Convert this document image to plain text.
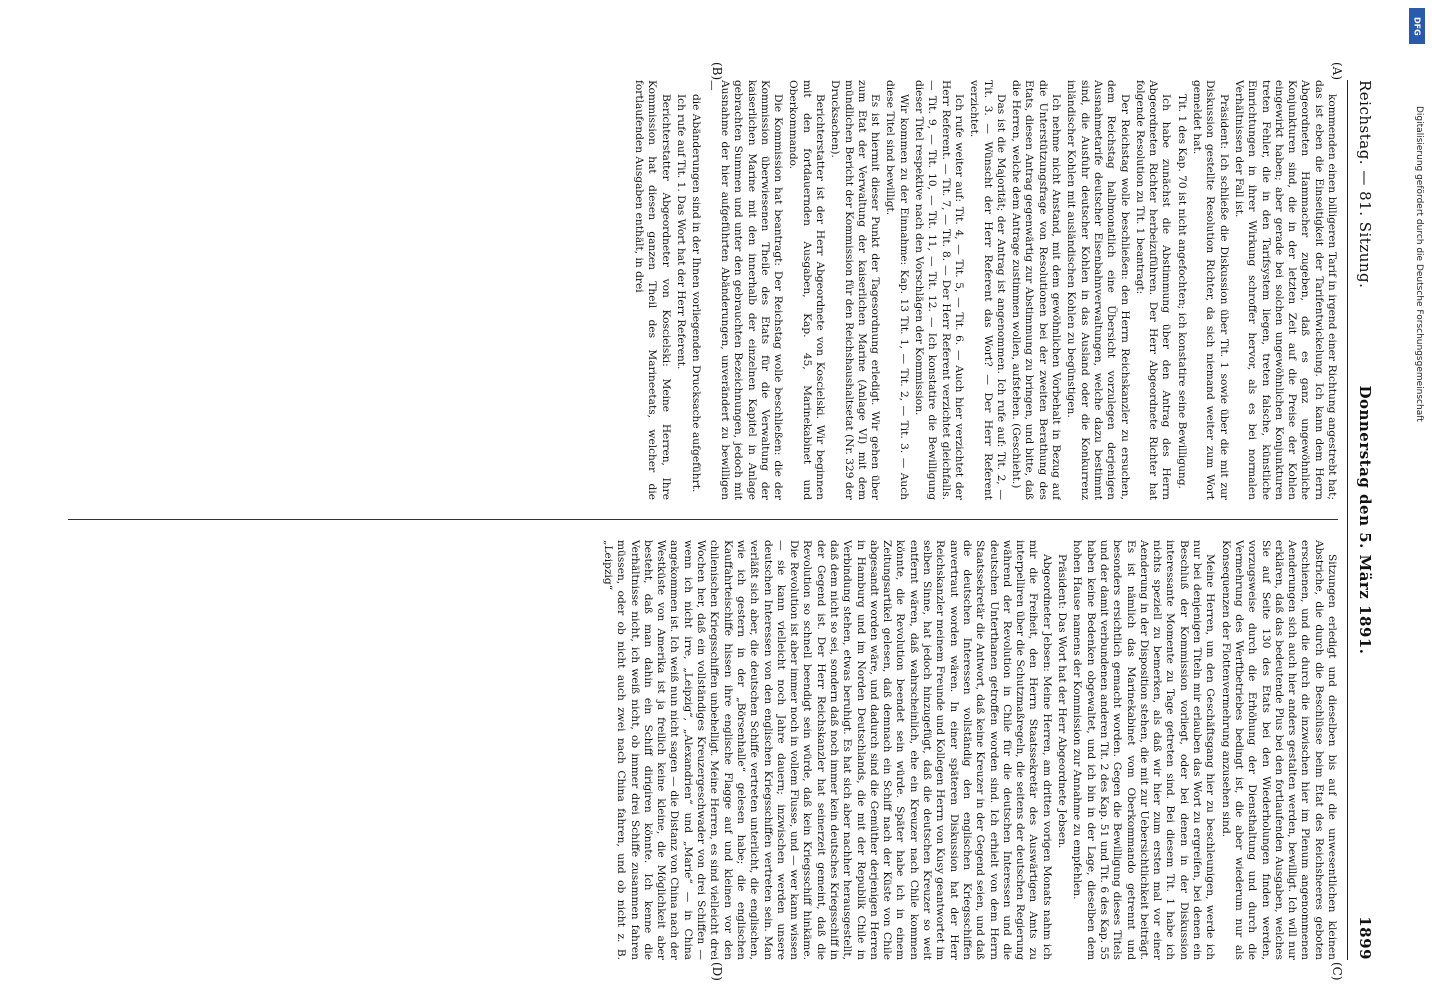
Reichstag. — 81. Sitzung.
Donnerstag den 5. März 1891.
1899
(A)
(B)
(C)
(D)

kommenden einen billigeren Tarif in irgend einer Richtung angestrebt hat; das ist eben die Einseitigkeit der Tarifentwickelung. Ich kann dem Herrn Abgeordneten Hammacher zugeben, daß es ganz ungewöhnliche Konjunkturen sind, die in der letzten Zeit auf die Preise der Kohlen eingewirkt haben; aber gerade bei solchen ungewöhnlichen Konjunkturen treten Fehler, die in den Tarifsystem liegen, treten falsche, künstliche Einrichtungen in ihrer Wirkung schroffer hervor, als es bei normalen Verhältnissen der Fall ist.

Präsident: Ich schließe die Diskussion über Tit. 1 sowie über die mit zur Diskussion gestellte Resolution Richter, da sich niemand weiter zum Wort gemeldet hat.

Tit. 1 des Kap. 70 ist nicht angefochten; ich konstatire seine Bewilligung.

Ich habe zunächst die Abstimmung über den Antrag des Herrn Abgeordneten Richter herbeizuführen. Der Herr Abgeordnete Richter hat folgende Resolution zu Tit. 1 beantragt:

Der Reichstag wolle beschließen: den Herrn Reichskanzler zu ersuchen, dem Reichstag halbmonatlich eine Übersicht vorzulegen derjenigen Ausnahmetarife deutscher Eisenbahnverwaltungen, welche dazu bestimmt sind, die Ausfuhr deutscher Kohlen in das Ausland oder die Konkurrenz inländischer Kohlen mit ausländischen Kohlen zu begünstigen.

Ich nehme nicht Anstand, mit dem gewöhnlichen Vorbehalt in Bezug auf die Unterstützungsfrage von Resolutionen bei der zweiten Berathung des Etats, diesen Antrag gegenwärtig zur Abstimmung zu bringen, und bitte, daß die Herren, welche dem Antrage zustimmen wollen, aufstehen. (Geschieht.)

Das ist die Majorität; der Antrag ist angenommen. Ich rufe auf: Tit. 2, — Tit. 3. — Wünscht der Herr Referent das Wort? — Der Herr Referent verzichtet.

Ich rufe weiter auf: Tit. 4, — Tit. 5, — Tit. 6. — Auch hier verzichtet der Herr Referent. — Tit. 7, — Tit. 8. — Der Herr Referent verzichtet gleichfalls. — Tit. 9, — Tit. 10, — Tit. 11, — Tit. 12. — Ich konstatire die Bewilligung dieser Titel respektive nach den Vorschlägen der Kommission.

Wir kommen zu der Einnahme: Kap. 13 Tit. 1, — Tit. 2, — Tit. 3. — Auch diese Titel sind bewilligt.

Es ist hiermit dieser Punkt der Tagesordnung erledigt. Wir gehen über zum Etat der Verwaltung der kaiserlichen Marine (Anlage VI) mit dem mündlichen Bericht der Kommission für den Reichshaushaltsetat (Nr. 329 der Drucksachen).

Berichterstatter ist der Herr Abgeordnete von Koscielski. Wir beginnen mit den fortdauernden Ausgaben, Kap. 45, Marinekabinet und Oberkommando.

Die Kommission hat beantragt: Der Reichstag wolle beschließen: die der Kommission überwiesenen Theile des Etats für die Verwaltung der kaiserlichen Marine mit den innerhalb der einzelnen Kapitel in Anlage gebrachten Summen und unter den gebrauchten Bezeichnungen, jedoch mit Ausnahme der hier aufgeführten Abänderungen, unverändert zu bewilligen —

die Abänderungen sind in der Ihnen vorliegenden Drucksache aufgeführt.

Ich rufe auf Tit. 1. Das Wort hat der Herr Referent.

Berichterstatter Abgeordneter von Koscielski: Meine Herren, Ihre Kommission hat diesen ganzen Theil des Marineetats, welcher die fortlaufenden Ausgaben enthält, in drei

Sitzungen erledigt und dieselben bis auf die unwesentlichen kleinen Abstriche, die durch die Beschlüsse beim Etat des Reichsheeres geboten erschienen, und die durch die inzwischen hier im Plenum angenommenen Aenderungen sich auch hier anders gestalten werden, bewilligt. Ich will nur erklären, daß das bedeutende Plus bei den fortlaufenden Ausgaben, welches Sie auf Seite 130 des Etats bei den Wiederholungen finden werden, vorzugsweise durch die Erhöhung der Diensthaltung und durch die Vermehrung des Werftbetriebes bedingt ist, die aber wiederum nur als Konsequenzen der Flottenvermehrung anzusehen sind.

Meine Herren, um den Geschäftsgang hier zu beschleunigen, werde ich nur bei denjenigen Titeln mir erlauben das Wort zu ergreifen, bei denen ein Beschluß der Kommission vorliegt, oder bei denen in der Diskussion interessante Momente zu Tage getreten sind. Bei diesem Tit. 1 habe ich nichts speziell zu bemerken, als daß wir hier zum ersten mal vor einer Aenderung in der Disposition stehen, die mit zur Uebersichtlichkeit beiträgt. Es ist nämlich das Marinekabinet vom Oberkommando getrennt und besonders ersichtlich gemacht worden. Gegen die Bewilligung dieses Titels und der damit verbundenen anderen Tit. 2 des Kap. 51 und Tit. 6 des Kap. 55 haben keine Bedenken obgewaltet, und ich bin in der Lage, dieselben dem hohen Hause namens der Kommission zur Annahme zu empfehlen.

Präsident: Das Wort hat der Herr Abgeordnete Jebsen.

Abgeordneter Jebsen: Meine Herren, am dritten vorigen Monats nahm ich mir die Freiheit, den Herrn Staatssekretär des Auswärtigen Amts zu interpelliren über die Schutzmaßregeln, die seitens der deutschen Regierung während der Revolution in Chile für die deutschen Interessen und die deutschen Unterthanen getroffen worden sind. Ich erhielt von dem Herrn Staatssekretär die Antwort, daß keine Kreuzer in der Gegend seien, und daß die deutschen Interessen vollständig den englischen Kriegsschiffen anvertraut worden wären. In einer späteren Diskussion hat der Herr Reichskanzler meinem Freunde und Kollegen Herrn von Kusy geantwortet im selben Sinne, hat jedoch hinzugefügt, daß die deutschen Kreuzer so weit entfernt wären, daß wahrscheinlich, ehe ein Kreuzer nach Chile kommen könnte, die Revolution beendet sein würde. Später habe ich in einem Zeitungsartikel gelesen, daß demnach ein Schiff nach der Küste von Chile abgesandt worden wäre, und dadurch sind die Gemüther derjenigen Herren in Hamburg und im Norden Deutschlands, die mit der Republik Chile in Verbindung stehen, etwas beruhigt. Es hat sich aber nachher herausgestellt, daß dem nicht so sei, sondern daß noch immer kein deutsches Kriegsschiff in der Gegend ist. Der Herr Reichskanzler hat seinerzeit gemeint, daß die Revolution so schnell beendigt sein würde, daß kein Kriegsschiff hinkäme. Die Revolution ist aber immer noch in vollem Flusse, und — wer kann wissen — sie kann vielleicht noch Jahre dauern; inzwischen werden unsere deutschen Interessen von den englischen Kriegsschiffen vertreten sein. Man verläßt sich aber, die deutschen Schiffe vertreten unterlicht, die englischen, wie ich gestern in der „Börsenhalle“ gelesen habe; die englischen Kauffahrteischiffe hissen ihre englische Flagge auf und kleinen vor den chilenischen Kriegsschiffen unbehelligt. Meine Herren, es sind vielleicht drei Wochen her, daß ein vollständiges Kreuzergeschwader von drei Schiffen — wenn ich nicht irre, „Leipzig“, „Alexandrien“ und „Marie“ — in China angekommen ist. Ich weiß nun nicht sagen — die Distanz von China nach der Westküste von Amerika ist ja freilich keine kleine, die Möglichkeit aber besteht, daß man dahin ein Schiff dirigiren könnte. Ich kenne die Verhältnisse nicht, ich weiß nicht, ob immer drei Schiffe zusammen fahren müssen, oder ob nicht auch zwei nach China fahren, und ob nicht z. B. „Leipzig“

DFG
Digitalisierung gefördert durch die Deutsche Forschungsgemeinschaft
